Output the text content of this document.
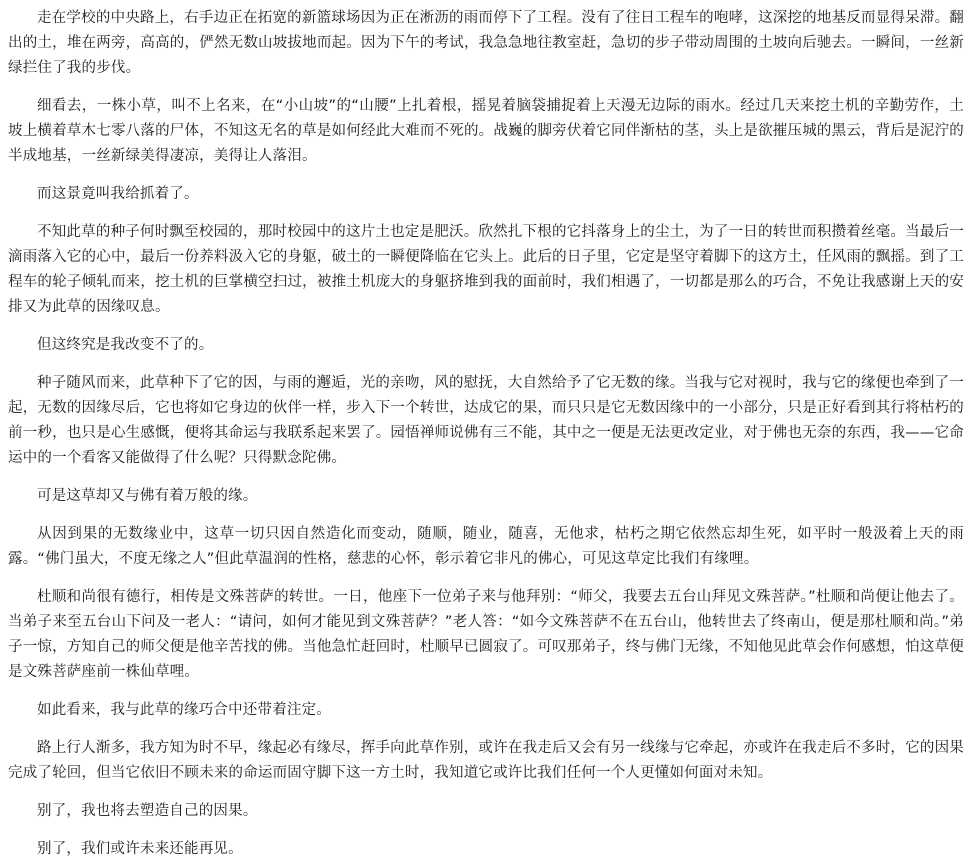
走在学校的中央路上，右手边正在拓宽的新篮球场因为正在淅沥的雨而停下了工程。没有了往日工程车的咆哮，这深挖的地基反而显得呆滞。翻出的土，堆在两旁，高高的，俨然无数山坡拔地而起。因为下午的考试，我急急地往教室赶，急切的步子带动周围的土坡向后驰去。一瞬间，一丝新绿拦住了我的步伐。

细看去，一株小草，叫不上名来，在“小山坡”的“山腰”上扎着根，摇晃着脑袋捕捉着上天漫无边际的雨水。经过几天来挖土机的辛勤劳作，土坡上横着草木七零八落的尸体，不知这无名的草是如何经此大难而不死的。战巍的脚旁伏着它同伴渐枯的茎，头上是欲摧压城的黑云，背后是泥泞的半成地基，一丝新绿美得凄凉，美得让人落泪。

而这景竟叫我给抓着了。

不知此草的种子何时飘至校园的，那时校园中的这片土也定是肥沃。欣然扎下根的它抖落身上的尘土，为了一日的转世而积攒着丝毫。当最后一滴雨落入它的心中，最后一份养料汲入它的身躯，破土的一瞬便降临在它头上。此后的日子里，它定是坚守着脚下的这方土，任风雨的飘摇。到了工程车的轮子倾轧而来，挖土机的巨掌横空扫过，被推土机庞大的身躯挤堆到我的面前时，我们相遇了，一切都是那么的巧合，不免让我感谢上天的安排又为此草的因缘叹息。

但这终究是我改变不了的。

种子随风而来，此草种下了它的因，与雨的邂逅，光的亲吻，风的慰抚，大自然给予了它无数的缘。当我与它对视时，我与它的缘便也牵到了一起，无数的因缘尽后，它也将如它身边的伙伴一样，步入下一个转世，达成它的果，而只只是它无数因缘中的一小部分，只是正好看到其行将枯朽的前一秒，也只是心生感慨，便将其命运与我联系起来罢了。园悟禅师说佛有三不能，其中之一便是无法更改定业，对于佛也无奈的东西，我——它命运中的一个看客又能做得了什么呢？只得默念陀佛。

可是这草却又与佛有着万般的缘。

从因到果的无数缘业中，这草一切只因自然造化而变动，随顺，随业，随喜，无他求，枯朽之期它依然忘却生死，如平时一般汲着上天的雨露。“佛门虽大，不度无缘之人”但此草温润的性格，慈悲的心怀，彰示着它非凡的佛心，可见这草定比我们有缘哩。

杜顺和尚很有德行，相传是文殊菩萨的转世。一日，他座下一位弟子来与他拜别：“师父，我要去五台山拜见文殊菩萨。”杜顺和尚便让他去了。当弟子来至五台山下问及一老人：“请问，如何才能见到文殊菩萨？”老人答：“如今文殊菩萨不在五台山，他转世去了终南山，便是那杜顺和尚。”弟子一惊，方知自己的师父便是他辛苦找的佛。当他急忙赶回时，杜顺早已圆寂了。可叹那弟子，终与佛门无缘，不知他见此草会作何感想，怕这草便是文殊菩萨座前一株仙草哩。

如此看来，我与此草的缘巧合中还带着注定。

路上行人渐多，我方知为时不早，缘起必有缘尽，挥手向此草作别，或许在我走后又会有另一线缘与它牵起，亦或许在我走后不多时，它的因果完成了轮回，但当它依旧不顾未来的命运而固守脚下这一方土时，我知道它或许比我们任何一个人更懂如何面对未知。

别了，我也将去塑造自己的因果。

别了，我们或许未来还能再见。
